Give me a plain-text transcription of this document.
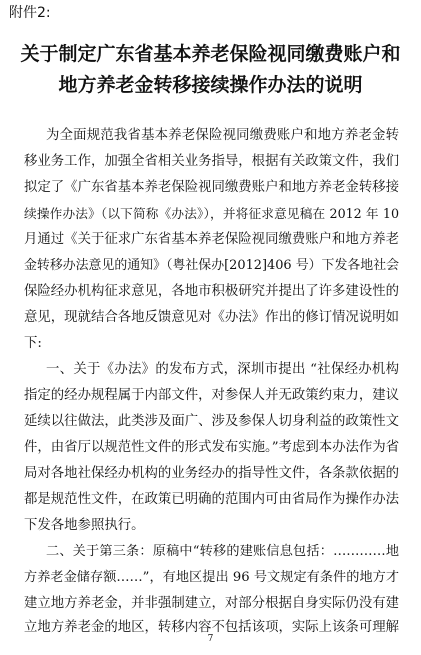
附件2:
关于制定广东省基本养老保险视同缴费账户和
地方养老金转移接续操作办法的说明
为全面规范我省基本养老保险视同缴费账户和地方养老金转
移业务工作，加强全省相关业务指导，根据有关政策文件，我们
拟定了《广东省基本养老保险视同缴费账户和地方养老金转移接
续操作办法》（以下简称《办法》），并将征求意见稿在 2012 年 10
月通过《关于征求广东省基本养老保险视同缴费账户和地方养老
金转移办法意见的通知》（粤社保办[2012]406 号）下发各地社会
保险经办机构征求意见，各地市积极研究并提出了许多建设性的
意见，现就结合各地反馈意见对《办法》作出的修订情况说明如
下:
一、关于《办法》的发布方式，深圳市提出 “社保经办机构
指定的经办规程属于内部文件，对参保人并无政策约束力，建议
延续以往做法，此类涉及面广、涉及参保人切身利益的政策性文
件，由省厅以规范性文件的形式发布实施。”考虑到本办法作为省
局对各地社保经办机构的业务经办的指导性文件，各条款依据的
都是规范性文件，在政策已明确的范围内可由省局作为操作办法
下发各地参照执行。
二、关于第三条：原稿中“转移的建账信息包括：…………地
方养老金储存额……”，有地区提出 96 号文规定有条件的地方才
建立地方养老金，并非强制建立，对部分根据自身实际仍没有建
立地方养老金的地区，转移内容不包括该项，实际上该条可理解
7
